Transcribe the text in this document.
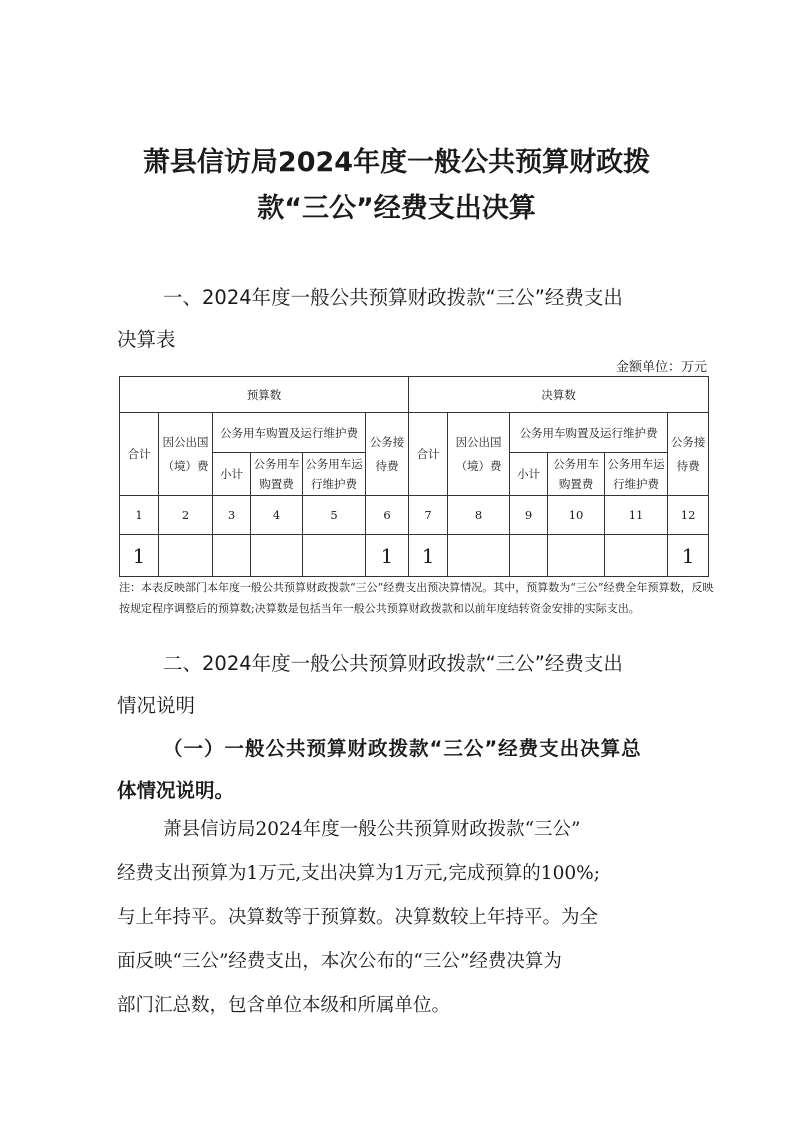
萧县信访局2024年度一般公共预算财政拨
款“三公”经费支出决算
一、2024年度一般公共预算财政拨款“三公”经费支出
决算表
金额单位：万元
预算数						决算数					
合计	因公出国（境）费	公务用车购置及运行维护费			公务接待费	合计	因公出国（境）费	公务用车购置及运行维护费			公务接待费
		小计	公务用车购置费	公务用车运行维护费				小计	公务用车购置费	公务用车运行维护费	
1	2	3	4	5	6	7	8	9	10	11	12
1					1	1					1
注：本表反映部门本年度一般公共预算财政拨款“三公”经费支出预决算情况。其中，预算数为“三公”经费全年预算数，反映按规定程序调整后的预算数;决算数是包括当年一般公共预算财政拨款和以前年度结转资金安排的实际支出。
二、2024年度一般公共预算财政拨款“三公”经费支出
情况说明
（一）一般公共预算财政拨款“三公”经费支出决算总
体情况说明。
萧县信访局2024年度一般公共预算财政拨款“三公”
经费支出预算为1万元,支出决算为1万元,完成预算的100%;
与上年持平。决算数等于预算数。决算数较上年持平。为全
面反映“三公”经费支出，本次公布的“三公”经费决算为
部门汇总数，包含单位本级和所属单位。
